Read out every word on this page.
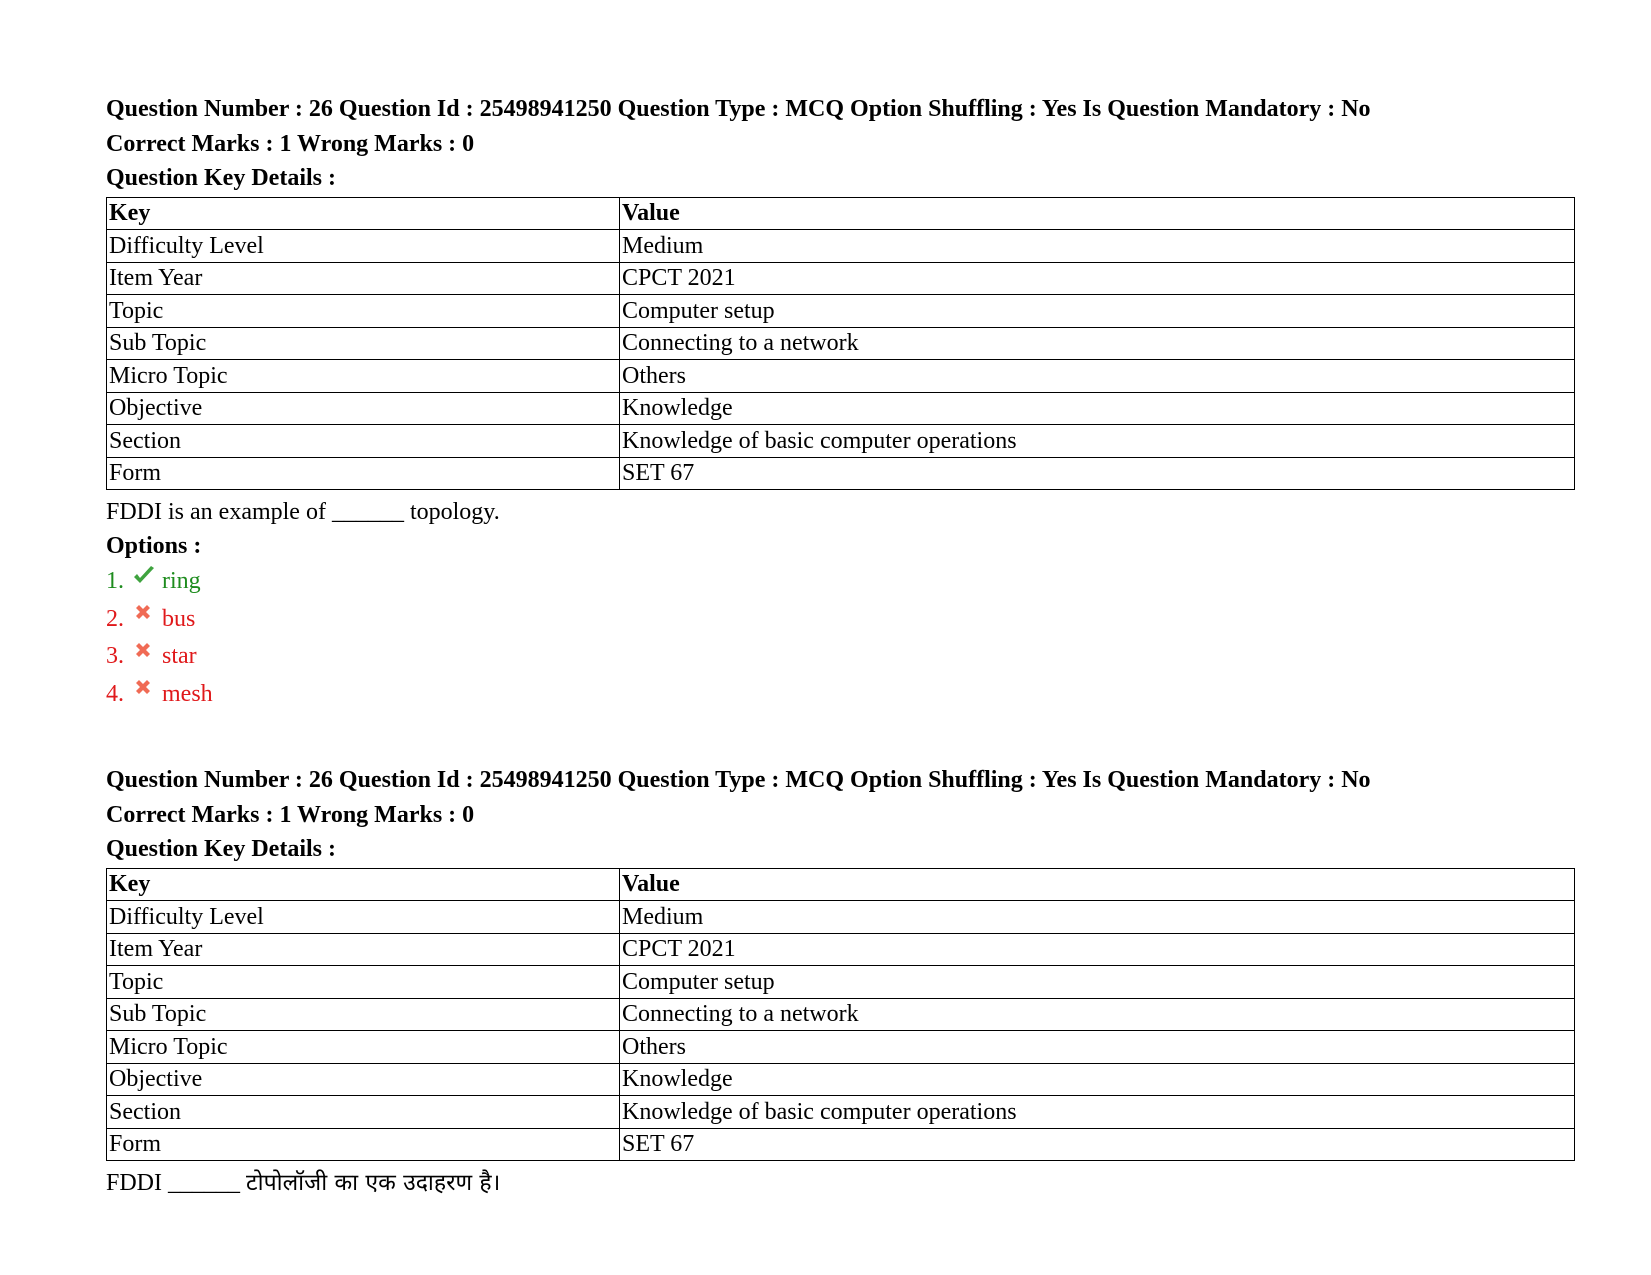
Question Number : 26 Question Id : 25498941250 Question Type : MCQ Option Shuffling : Yes Is Question Mandatory : No
Correct Marks : 1 Wrong Marks : 0
Question Key Details :
Key	Value
Difficulty Level	Medium
Item Year	CPCT 2021
Topic	Computer setup
Sub Topic	Connecting to a network
Micro Topic	Others
Objective	Knowledge
Section	Knowledge of basic computer operations
Form	SET 67
FDDI is an example of ______ topology.
Options :
1.	ring
2.	bus
3.	star
4.	mesh
Question Number : 26 Question Id : 25498941250 Question Type : MCQ Option Shuffling : Yes Is Question Mandatory : No
Correct Marks : 1 Wrong Marks : 0
Question Key Details :
Key	Value
Difficulty Level	Medium
Item Year	CPCT 2021
Topic	Computer setup
Sub Topic	Connecting to a network
Micro Topic	Others
Objective	Knowledge
Section	Knowledge of basic computer operations
Form	SET 67
FDDI ______ टोपोलॉजी का एक उदाहरण है।
